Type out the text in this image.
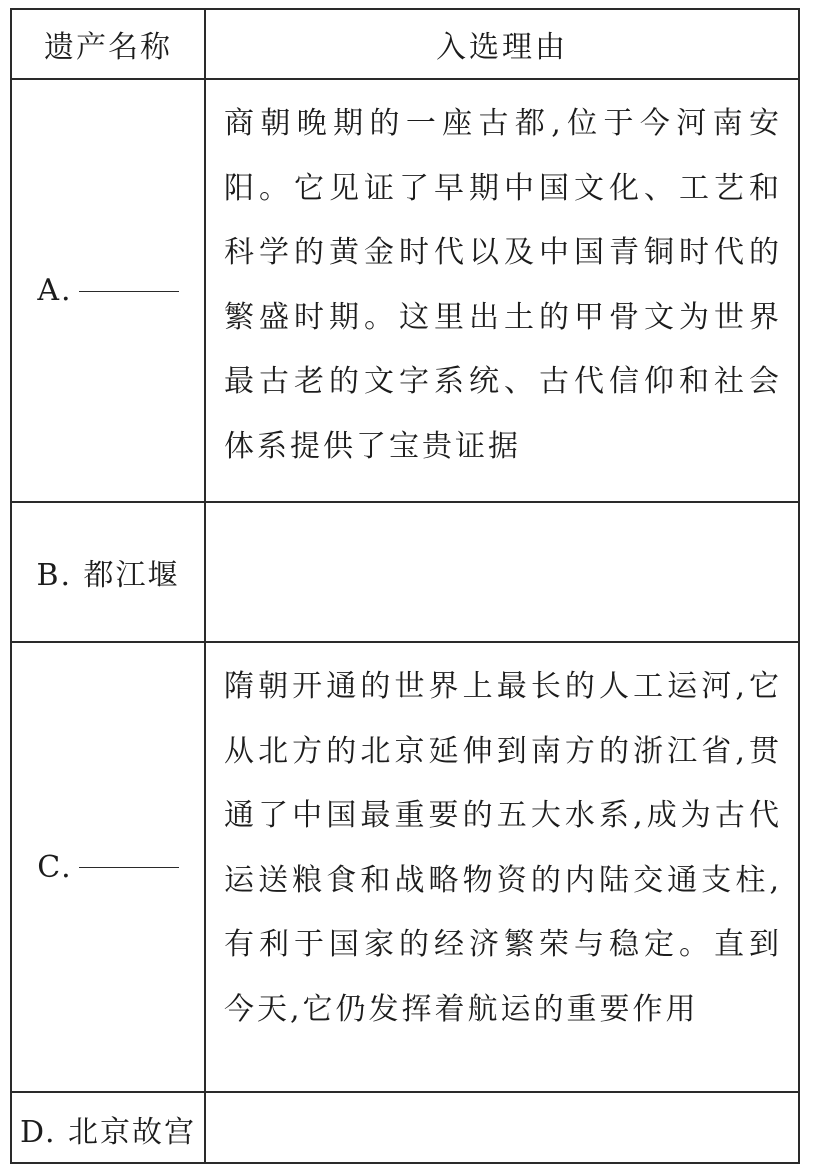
遗产名称	入选理由
A.
商朝晚期的一座古都,位于今河南安阳。它见证了早期中国文化、工艺和科学的黄金时代以及中国青铜时代的繁盛时期。这里出土的甲骨文为世界最古老的文字系统、古代信仰和社会体系提供了宝贵证据
B. 都江堰
C.
隋朝开通的世界上最长的人工运河,它从北方的北京延伸到南方的浙江省,贯通了中国最重要的五大水系,成为古代运送粮食和战略物资的内陆交通支柱,有利于国家的经济繁荣与稳定。直到今天,它仍发挥着航运的重要作用
D. 北京故宫
